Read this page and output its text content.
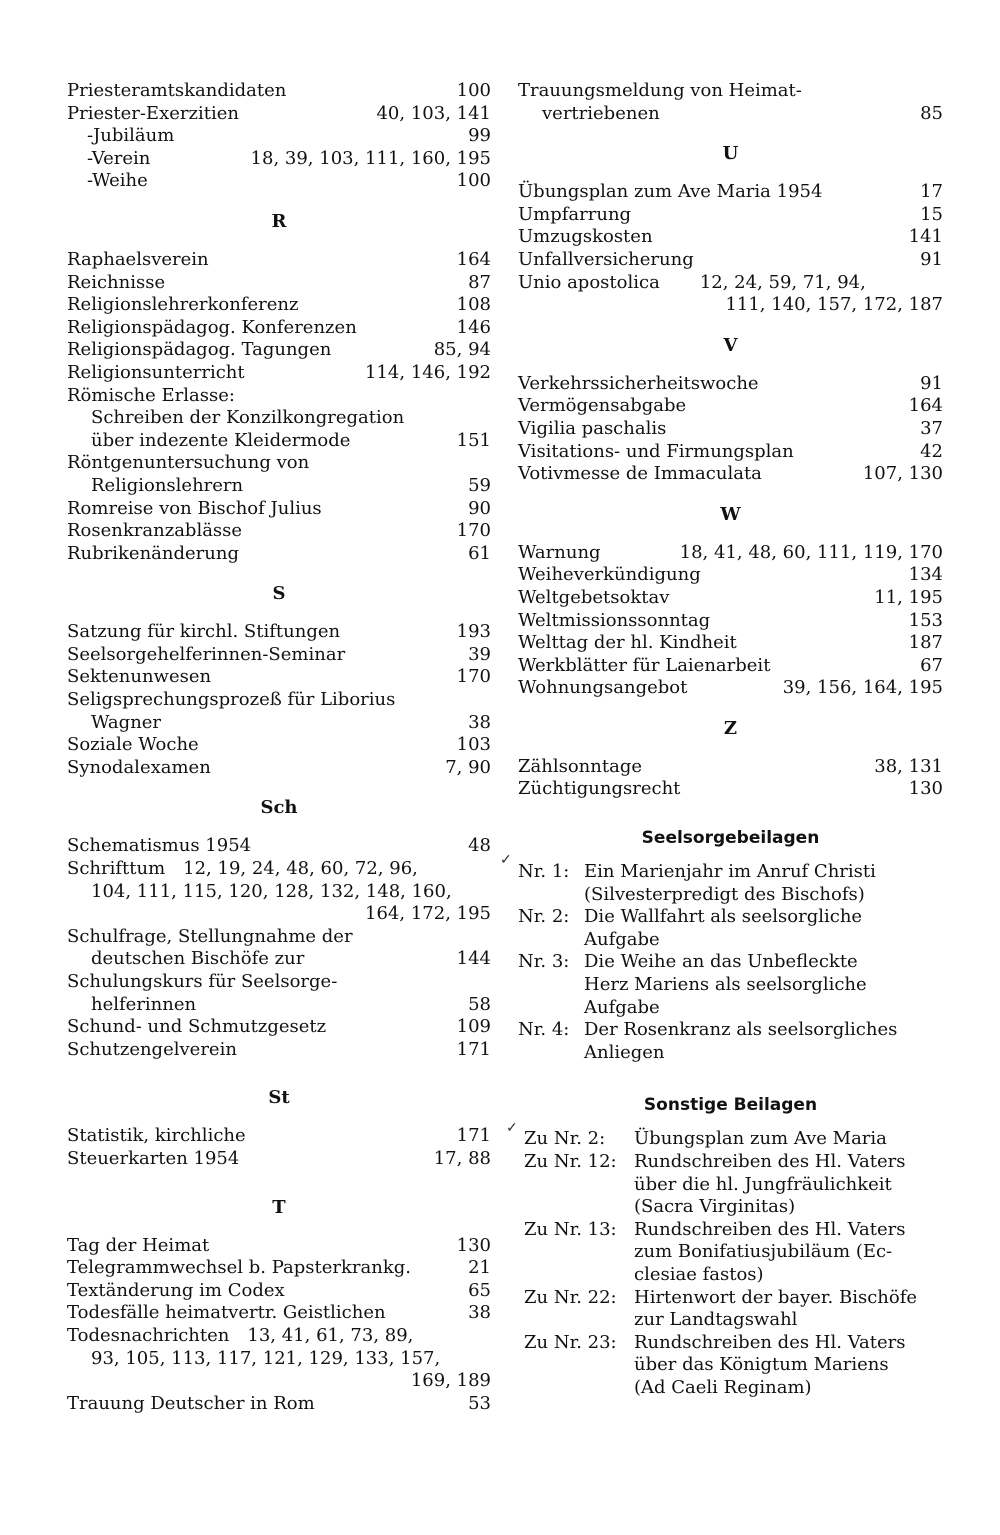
Priesteramtskandidaten	100
Priester-Exerzitien	40, 103, 141
-Jubiläum	99
-Verein	18, 39, 103, 111, 160, 195
-Weihe	100
R
Raphaelsverein	164
Reichnisse	87
Religionslehrerkonferenz	108
Religionspädagog. Konferenzen	146
Religionspädagog. Tagungen	85, 94
Religionsunterricht	114, 146, 192
Römische Erlasse:
Schreiben der Konzilkongregation
über indezente Kleidermode	151
Röntgenuntersuchung von
Religionslehrern	59
Romreise von Bischof Julius	90
Rosenkranzablässe	170
Rubrikenänderung	61
S
Satzung für kirchl. Stiftungen	193
Seelsorgehelferinnen-Seminar	39
Sektenunwesen	170
Seligsprechungsprozeß für Liborius
Wagner	38
Soziale Woche	103
Synodalexamen	7, 90
Sch
Schematismus 1954	48
Schrifttum 12, 19, 24, 48, 60, 72, 96,
104, 111, 115, 120, 128, 132, 148, 160,
164, 172, 195
Schulfrage, Stellungnahme der
deutschen Bischöfe zur	144
Schulungskurs für Seelsorge-
helferinnen	58
Schund- und Schmutzgesetz	109
Schutzengelverein	171
St
Statistik, kirchliche	171
Steuerkarten 1954	17, 88
T
Tag der Heimat	130
Telegrammwechsel b. Papsterkrankg.	21
Textänderung im Codex	65
Todesfälle heimatvertr. Geistlichen	38
Todesnachrichten 13, 41, 61, 73, 89,
93, 105, 113, 117, 121, 129, 133, 157,
169, 189
Trauung Deutscher in Rom	53
Trauungsmeldung von Heimat-
vertriebenen	85
U
Übungsplan zum Ave Maria 1954	17
Umpfarrung	15
Umzugskosten	141
Unfallversicherung	91
Unio apostolica 12, 24, 59, 71, 94,
111, 140, 157, 172, 187
V
Verkehrssicherheitswoche	91
Vermögensabgabe	164
Vigilia paschalis	37
Visitations- und Firmungsplan	42
Votivmesse de Immaculata	107, 130
W
Warnung	18, 41, 48, 60, 111, 119, 170
Weiheverkündigung	134
Weltgebetsoktav	11, 195
Weltmissionssonntag	153
Welttag der hl. Kindheit	187
Werkblätter für Laienarbeit	67
Wohnungsangebot	39, 156, 164, 195
Z
Zählsonntage	38, 131
Züchtigungsrecht	130
Seelsorgebeilagen
Nr. 1: Ein Marienjahr im Anruf Christi
(Silvesterpredigt des Bischofs)
Nr. 2: Die Wallfahrt als seelsorgliche
Aufgabe
Nr. 3: Die Weihe an das Unbefleckte
Herz Mariens als seelsorgliche
Aufgabe
Nr. 4: Der Rosenkranz als seelsorgliches
Anliegen
Sonstige Beilagen
Zu Nr. 2:	Übungsplan zum Ave Maria
Zu Nr. 12: Rundschreiben des Hl. Vaters
über die hl. Jungfräulichkeit
(Sacra Virginitas)
Zu Nr. 13: Rundschreiben des Hl. Vaters
zum Bonifatiusjubiläum (Ec-
clesiae fastos)
Zu Nr. 22: Hirtenwort der bayer. Bischöfe
zur Landtagswahl
Zu Nr. 23: Rundschreiben des Hl. Vaters
über das Königtum Mariens
(Ad Caeli Reginam)
✓
✓
